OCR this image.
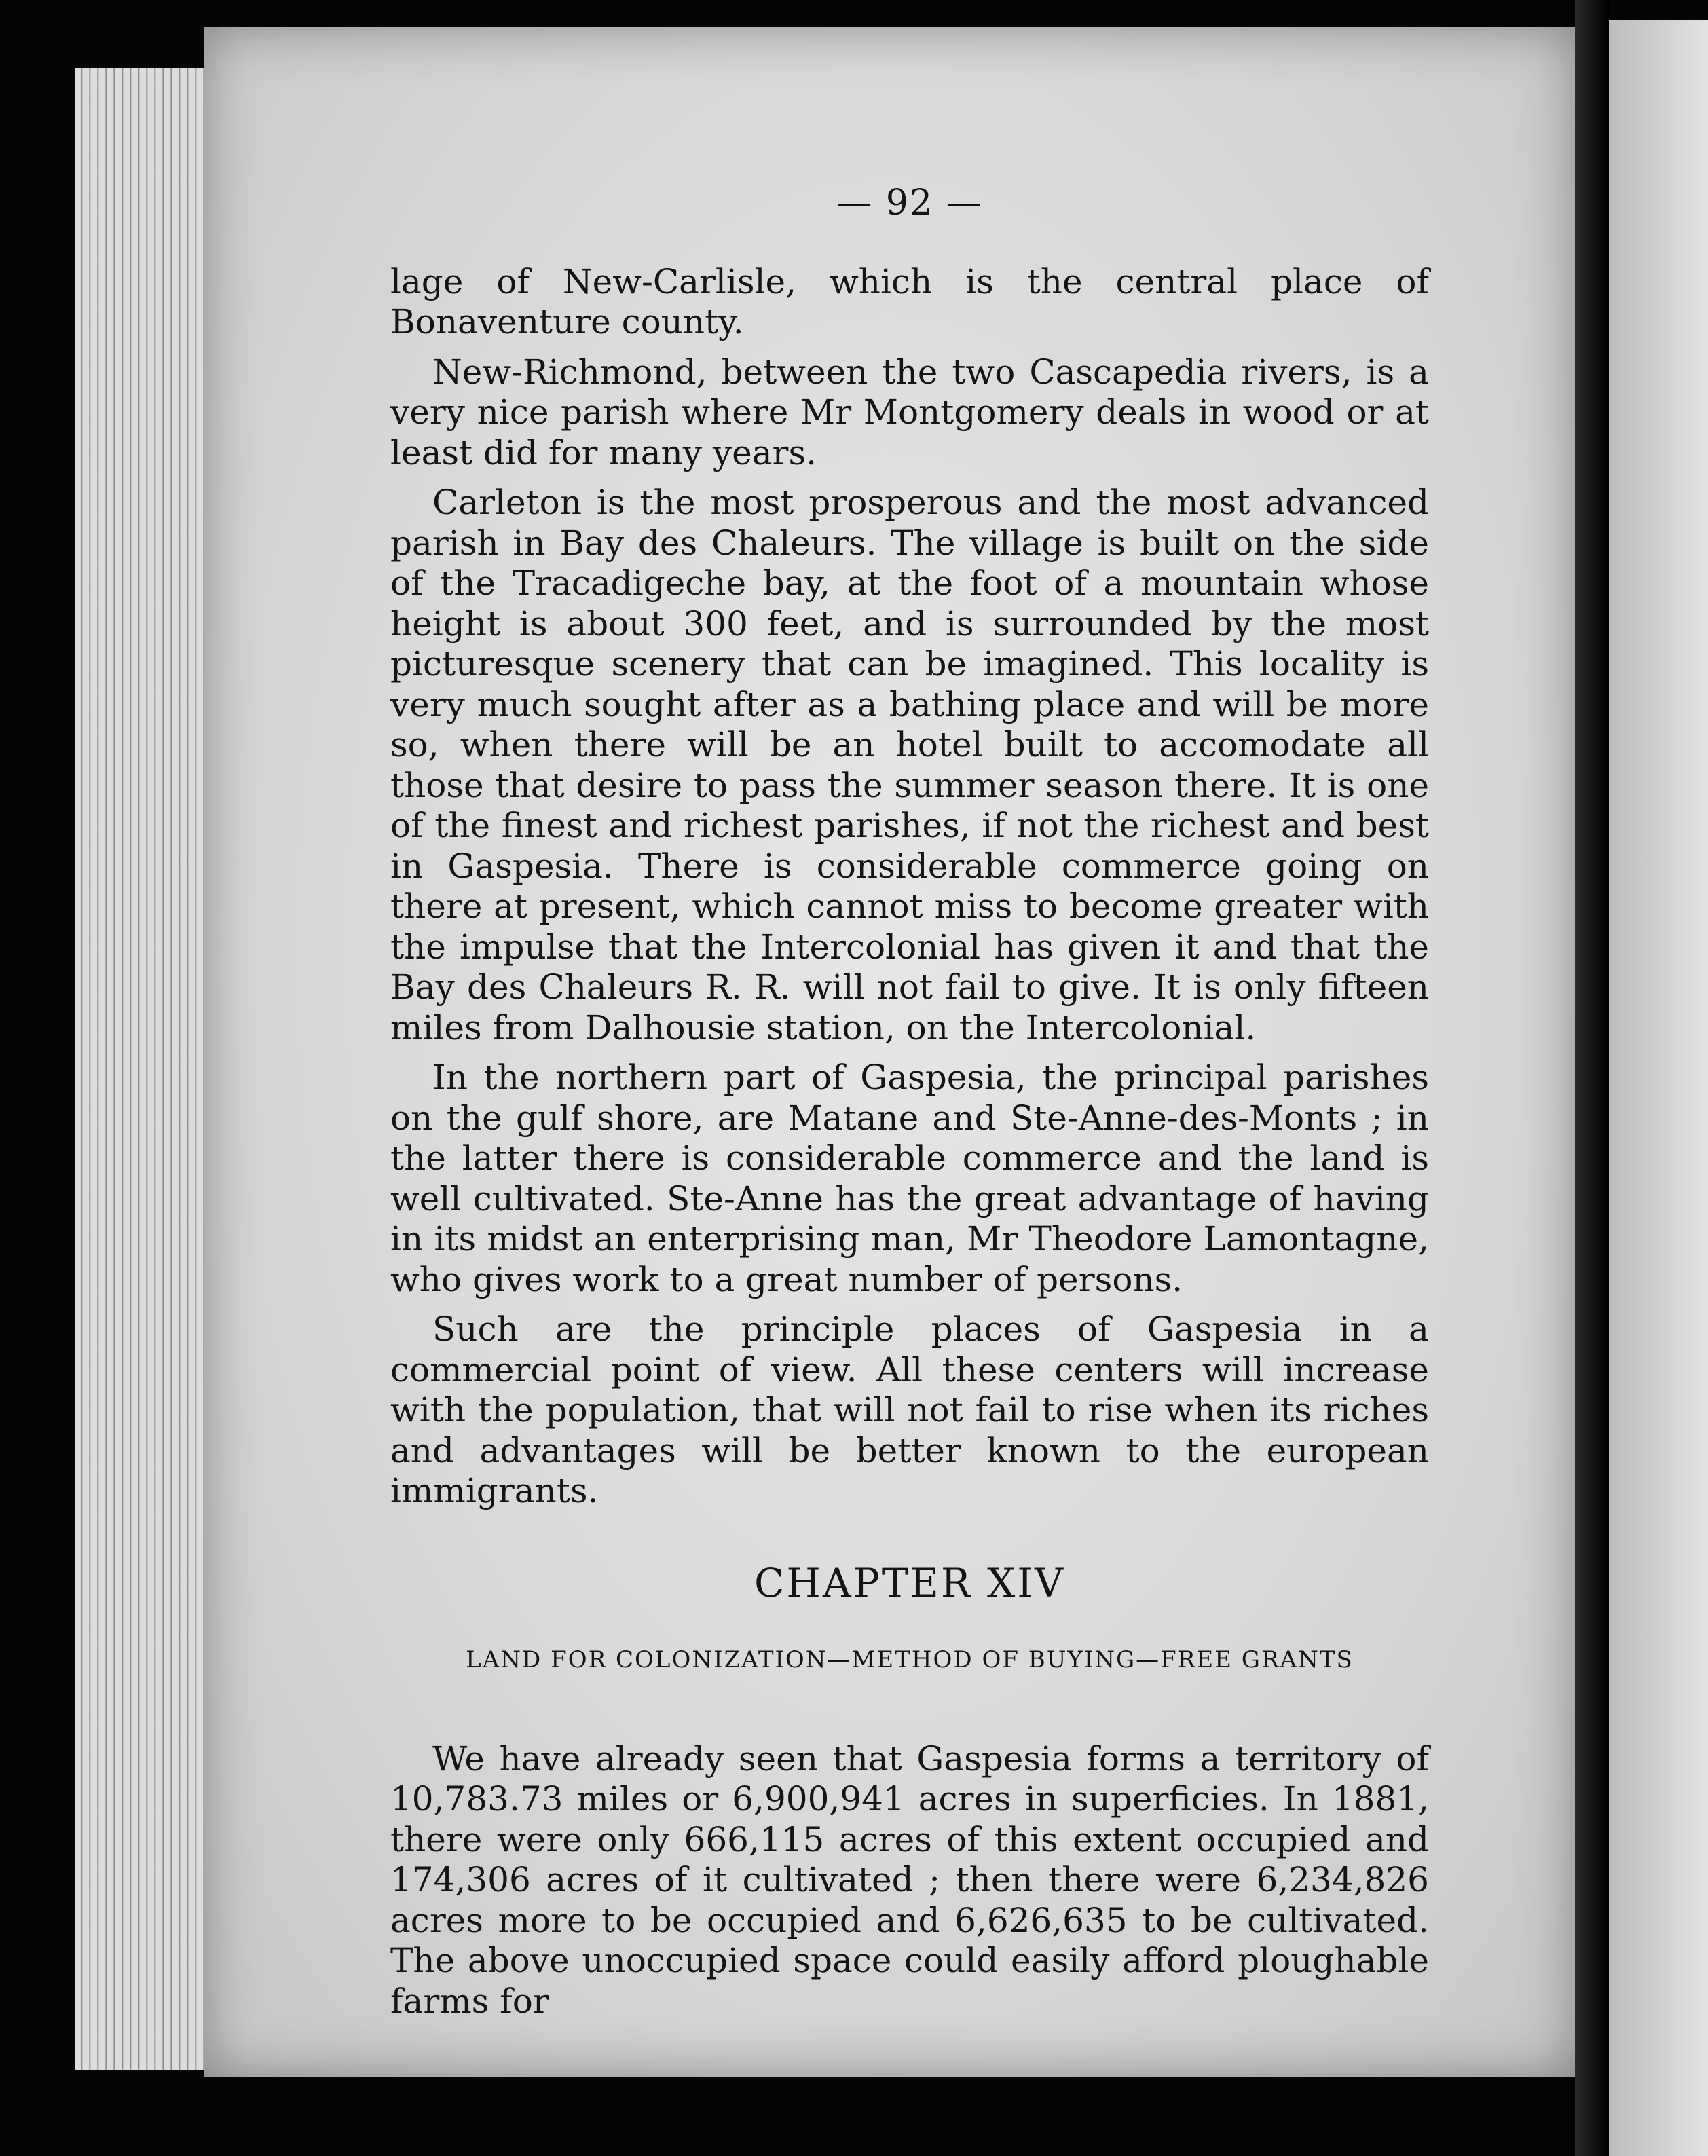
— 92 —

lage of New-Carlisle, which is the central place of Bonaventure county.

New-Richmond, between the two Cascapedia rivers, is a very nice parish where Mr Montgomery deals in wood or at least did for many years.

Carleton is the most prosperous and the most advanced parish in Bay des Chaleurs. The village is built on the side of the Tracadigeche bay, at the foot of a mountain whose height is about 300 feet, and is surrounded by the most picturesque scenery that can be imagined. This locality is very much sought after as a bathing place and will be more so, when there will be an hotel built to accomodate all those that desire to pass the summer season there. It is one of the finest and richest parishes, if not the richest and best in Gaspesia. There is considerable commerce going on there at present, which cannot miss to become greater with the impulse that the Intercolonial has given it and that the Bay des Chaleurs R. R. will not fail to give. It is only fifteen miles from Dalhousie station, on the Intercolonial.

In the northern part of Gaspesia, the principal parishes on the gulf shore, are Matane and Ste-Anne-des-Monts ; in the latter there is considerable commerce and the land is well cultivated. Ste-Anne has the great advantage of having in its midst an enterprising man, Mr Theodore Lamontagne, who gives work to a great number of persons.

Such are the principle places of Gaspesia in a commercial point of view. All these centers will increase with the population, that will not fail to rise when its riches and advantages will be better known to the european immigrants.

CHAPTER XIV
LAND FOR COLONIZATION—METHOD OF BUYING—FREE GRANTS

We have already seen that Gaspesia forms a territory of 10,783.73 miles or 6,900,941 acres in superficies. In 1881, there were only 666,115 acres of this extent occupied and 174,306 acres of it cultivated ; then there were 6,234,826 acres more to be occupied and 6,626,635 to be cultivated. The above unoccupied space could easily afford ploughable farms for
